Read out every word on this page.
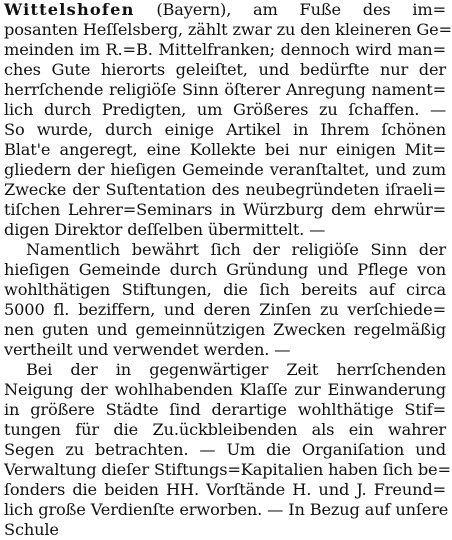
Wittelshofen (Bayern), am Fuße des im=
posanten Heſſelsberg, zählt zwar zu den kleineren Ge=
meinden im R.=B. Mittelfranken; dennoch wird man=
ches Gute hierorts geleiſtet, und bedürfte nur der
herrſchende religiöſe Sinn öſterer Anregung nament=
lich durch Predigten, um Größeres zu ſchaffen. —
So wurde, durch einige Artikel in Ihrem ſchönen
Blat'e angeregt, eine Kollekte bei nur einigen Mit=
gliedern der hieſigen Gemeinde veranſtaltet, und zum
Zwecke der Suſtentation des neubegründeten iſraeli=
tiſchen Lehrer=Seminars in Würzburg dem ehrwür=
digen Direktor deſſelben übermittelt. —
Namentlich bewährt ſich der religiöſe Sinn der
hieſigen Gemeinde durch Gründung und Pflege von
wohlthätigen Stiftungen, die ſich bereits auf circa
5000 fl. beziffern, und deren Zinſen zu verſchiede=
nen guten und gemeinnützigen Zwecken regelmäßig
vertheilt und verwendet werden. —
Bei der in gegenwärtiger Zeit herrſchenden
Neigung der wohlhabenden Klaſſe zur Einwanderung
in größere Städte ſind derartige wohlthätige Stif=
tungen für die Zu.ückbleibenden als ein wahrer
Segen zu betrachten. — Um die Organiſation und
Verwaltung dieſer Stiftungs=Kapitalien haben ſich be=
ſonders die beiden HH. Vorſtände H. und J. Freund=
lich große Verdienſte erworben. — In Bezug auf unſere
Schule
